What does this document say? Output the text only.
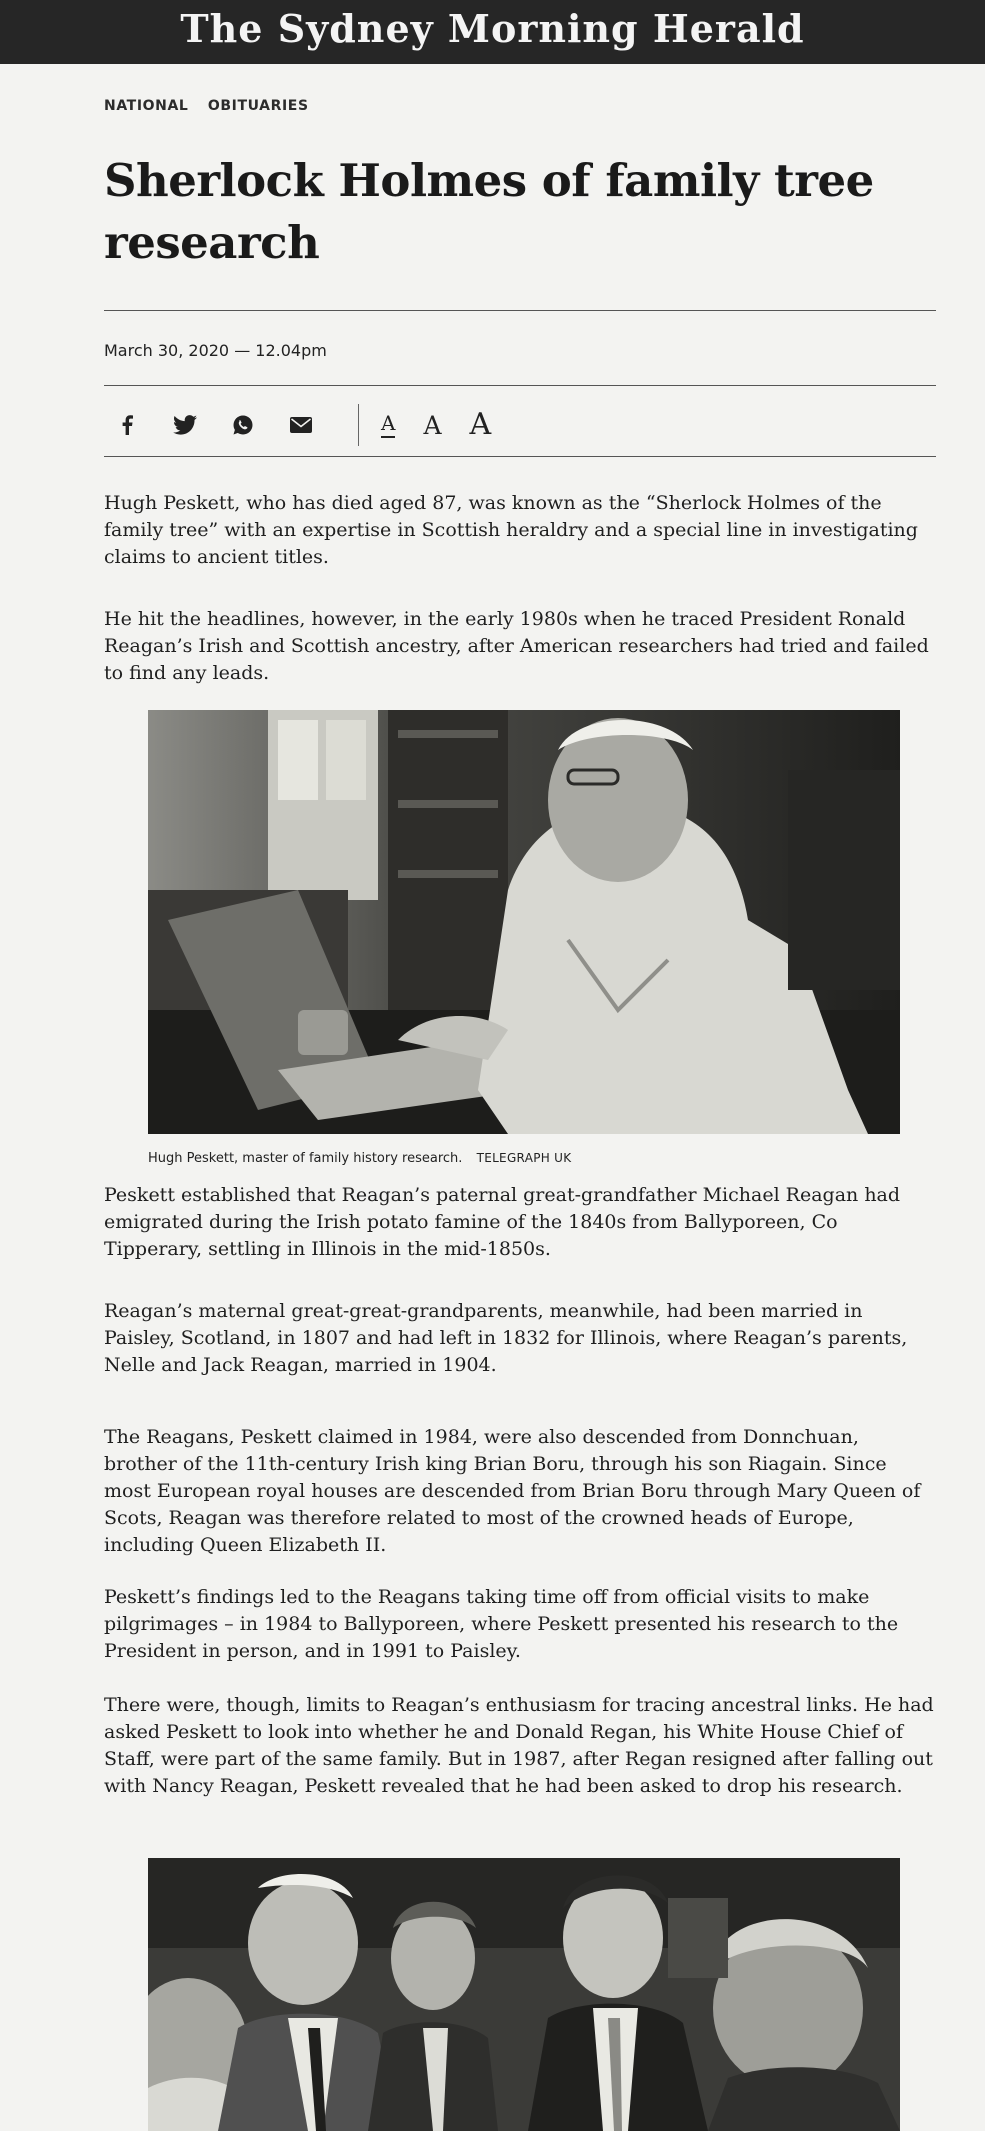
The Sydney Morning Herald
NATIONAL OBITUARIES
Sherlock Holmes of family tree research
March 30, 2020 — 12.04pm
A A A

Hugh Peskett, who has died aged 87, was known as the “Sherlock Holmes of the family tree” with an expertise in Scottish heraldry and a special line in investigating claims to ancient titles.

He hit the headlines, however, in the early 1980s when he traced President Ronald Reagan’s Irish and Scottish ancestry, after American researchers had tried and failed to find any leads.

Hugh Peskett, master of family history research. TELEGRAPH UK

Peskett established that Reagan’s paternal great-grandfather Michael Reagan had emigrated during the Irish potato famine of the 1840s from Ballyporeen, Co Tipperary, settling in Illinois in the mid-1850s.

Reagan’s maternal great-great-grandparents, meanwhile, had been married in Paisley, Scotland, in 1807 and had left in 1832 for Illinois, where Reagan’s parents, Nelle and Jack Reagan, married in 1904.

The Reagans, Peskett claimed in 1984, were also descended from Donnchuan, brother of the 11th-century Irish king Brian Boru, through his son Riagain. Since most European royal houses are descended from Brian Boru through Mary Queen of Scots, Reagan was therefore related to most of the crowned heads of Europe, including Queen Elizabeth II.

Peskett’s findings led to the Reagans taking time off from official visits to make pilgrimages – in 1984 to Ballyporeen, where Peskett presented his research to the President in person, and in 1991 to Paisley.

There were, though, limits to Reagan’s enthusiasm for tracing ancestral links. He had asked Peskett to look into whether he and Donald Regan, his White House Chief of Staff, were part of the same family. But in 1987, after Regan resigned after falling out with Nancy Reagan, Peskett revealed that he had been asked to drop his research.
